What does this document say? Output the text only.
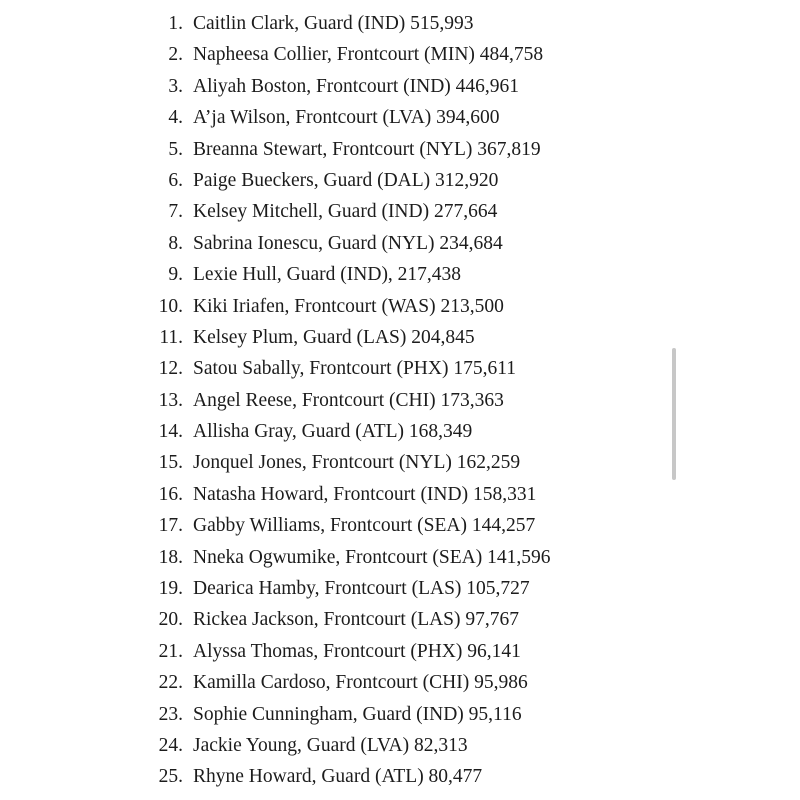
1. Caitlin Clark, Guard (IND) 515,993
2. Napheesa Collier, Frontcourt (MIN) 484,758
3. Aliyah Boston, Frontcourt (IND) 446,961
4. A’ja Wilson, Frontcourt (LVA) 394,600
5. Breanna Stewart, Frontcourt (NYL) 367,819
6. Paige Bueckers, Guard (DAL) 312,920
7. Kelsey Mitchell, Guard (IND) 277,664
8. Sabrina Ionescu, Guard (NYL) 234,684
9. Lexie Hull, Guard (IND), 217,438
10. Kiki Iriafen, Frontcourt (WAS) 213,500
11. Kelsey Plum, Guard (LAS) 204,845
12. Satou Sabally, Frontcourt (PHX) 175,611
13. Angel Reese, Frontcourt (CHI) 173,363
14. Allisha Gray, Guard (ATL) 168,349
15. Jonquel Jones, Frontcourt (NYL) 162,259
16. Natasha Howard, Frontcourt (IND) 158,331
17. Gabby Williams, Frontcourt (SEA) 144,257
18. Nneka Ogwumike, Frontcourt (SEA) 141,596
19. Dearica Hamby, Frontcourt (LAS) 105,727
20. Rickea Jackson, Frontcourt (LAS) 97,767
21. Alyssa Thomas, Frontcourt (PHX) 96,141
22. Kamilla Cardoso, Frontcourt (CHI) 95,986
23. Sophie Cunningham, Guard (IND) 95,116
24. Jackie Young, Guard (LVA) 82,313
25. Rhyne Howard, Guard (ATL) 80,477
